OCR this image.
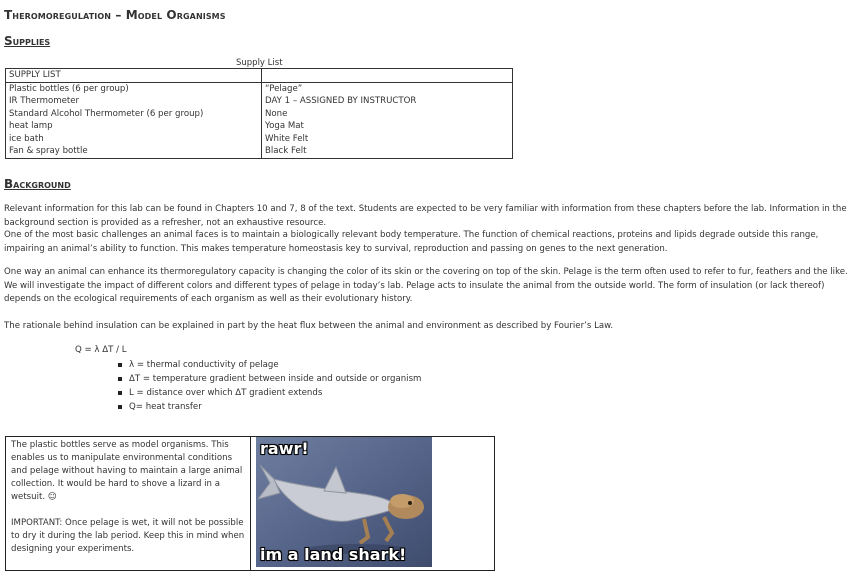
Theromoregulation – Model Organisms
Supplies
Supply List
SUPPLY LIST	
Plastic bottles (6 per group)	“Pelage”
IR Thermometer	DAY 1 – ASSIGNED BY INSTRUCTOR
Standard Alcohol Thermometer (6 per group)	None
heat lamp	Yoga Mat
ice bath	White Felt
Fan & spray bottle	Black Felt
Background
Relevant information for this lab can be found in Chapters 10 and 7, 8 of the text. Students are expected to be very familiar with information from these chapters before the lab. Information in the background section is provided as a refresher, not an exhaustive resource.
One of the most basic challenges an animal faces is to maintain a biologically relevant body temperature. The function of chemical reactions, proteins and lipids degrade outside this range, impairing an animal’s ability to function. This makes temperature homeostasis key to survival, reproduction and passing on genes to the next generation.
One way an animal can enhance its thermoregulatory capacity is changing the color of its skin or the covering on top of the skin. Pelage is the term often used to refer to fur, feathers and the like. We will investigate the impact of different colors and different types of pelage in today’s lab. Pelage acts to insulate the animal from the outside world. The form of insulation (or lack thereof) depends on the ecological requirements of each organism as well as their evolutionary history.
The rationale behind insulation can be explained in part by the heat flux between the animal and environment as described by Fourier’s Law.
Q = λ ΔT / L
λ = thermal conductivity of pelage
ΔT = temperature gradient between inside and outside or organism
L = distance over which ΔT gradient extends
Q= heat transfer
The plastic bottles serve as model organisms. This enables us to manipulate environmental conditions and pelage without having to maintain a large animal collection. It would be hard to shove a lizard in a wetsuit. ☺
IMPORTANT: Once pelage is wet, it will not be possible to dry it during the lab period. Keep this in mind when designing your experiments.
rawr!
im a land shark!
